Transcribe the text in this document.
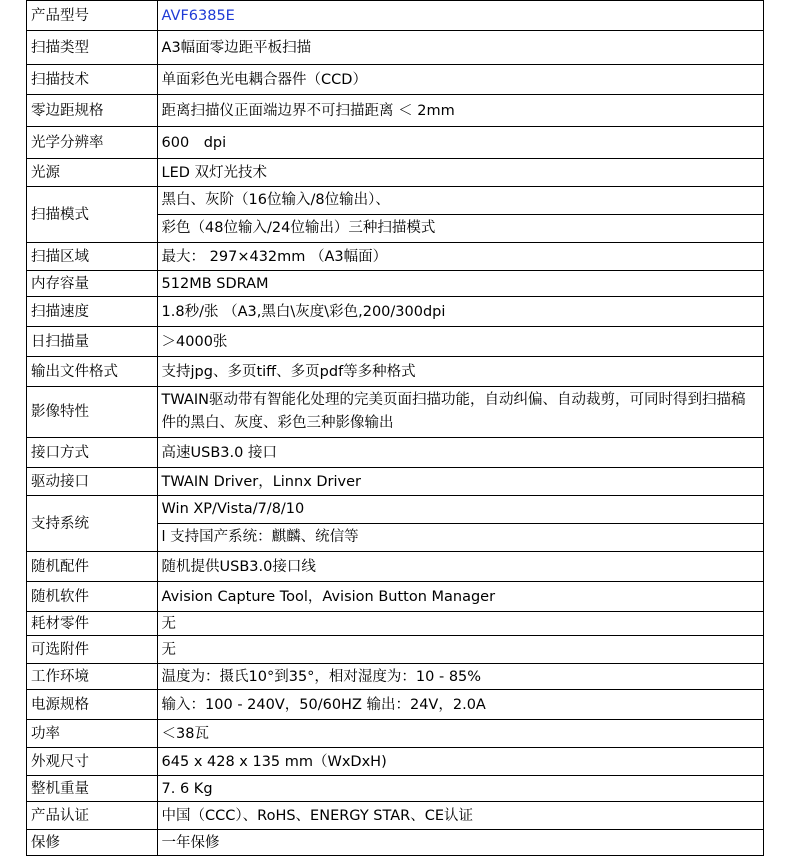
产品型号	AVF6385E
扫描类型	A3幅面零边距平板扫描
扫描技术	单面彩色光电耦合器件（CCD）
零边距规格	距离扫描仪正面端边界不可扫描距离 ＜ 2mm
光学分辨率	600　dpi
光源	LED 双灯光技术
扫描模式	黑白、灰阶（16位输入/8位输出）、
彩色（48位输入/24位输出）三种扫描模式

扫描区域	最大： 297×432mm （A3幅面）
内存容量	512MB SDRAM
扫描速度	1.8秒/张 （A3,黑白\灰度\彩色,200/300dpi
日扫描量	＞4000张
输出文件格式	支持jpg、多页tiff、多页pdf等多种格式
影像特性	TWAIN驱动带有智能化处理的完美页面扫描功能，自动纠偏、自动裁剪，可同时得到扫描稿件的黑白、灰度、彩色三种影像输出
接口方式	高速USB3.0 接口
驱动接口	TWAIN Driver，Linnx Driver
支持系统	Win XP/Vista/7/8/10
l 支持国产系统：麒麟、统信等

随机配件	随机提供USB3.0接口线
随机软件	Avision Capture Tool，Avision Button Manager
耗材零件	无
可选附件	无
工作环境	温度为：摄氏10°到35°，相对湿度为：10 - 85%
电源规格	输入：100 - 240V，50/60HZ 输出：24V，2.0A
功率	＜38瓦
外观尺寸	645 x 428 x 135 mm（WxDxH)
整机重量	7. 6 Kg
产品认证	中国（CCC）、RoHS、ENERGY STAR、CE认证
保修	一年保修
